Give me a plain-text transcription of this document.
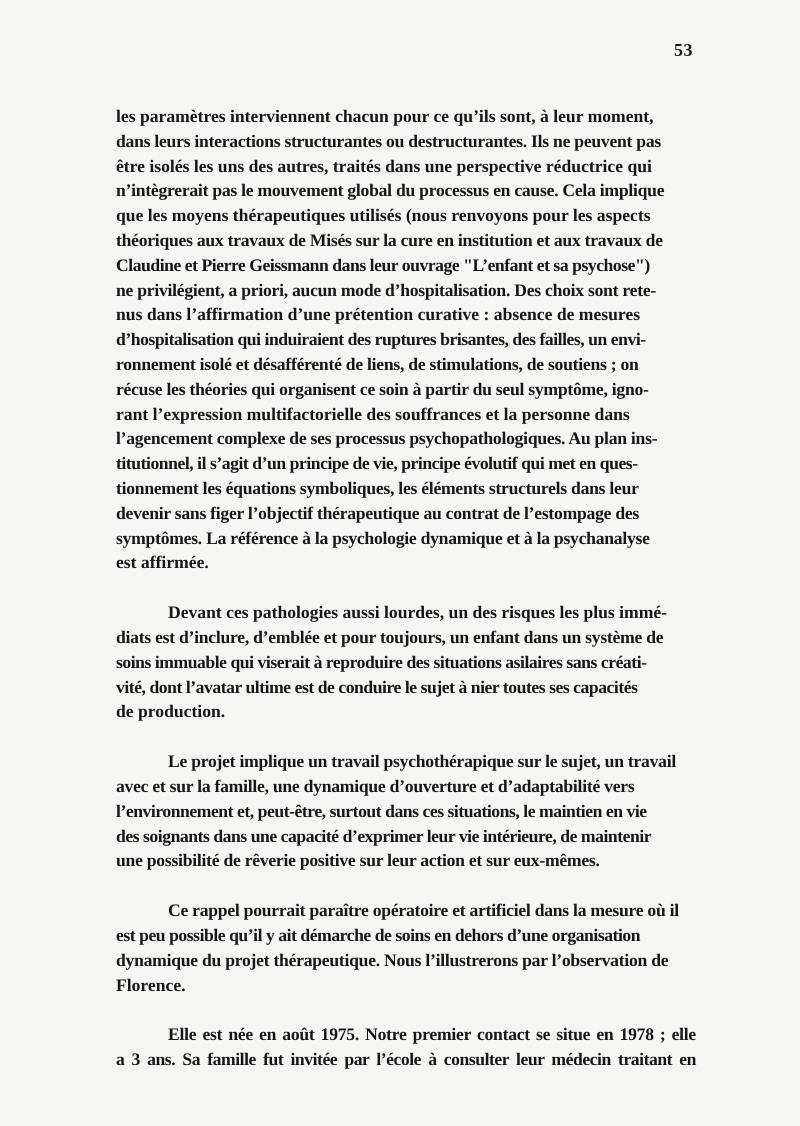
53

les paramètres interviennent chacun pour ce qu’ils sont, à leur moment,
dans leurs interactions structurantes ou destructurantes. Ils ne peuvent pas
être isolés les uns des autres, traités dans une perspective réductrice qui
n’intègrerait pas le mouvement global du processus en cause. Cela implique
que les moyens thérapeutiques utilisés (nous renvoyons pour les aspects
théoriques aux travaux de Misés sur la cure en institution et aux travaux de
Claudine et Pierre Geissmann dans leur ouvrage "L’enfant et sa psychose")
ne privilégient, a priori, aucun mode d’hospitalisation. Des choix sont rete-
nus dans l’affirmation d’une prétention curative : absence de mesures
d’hospitalisation qui induiraient des ruptures brisantes, des failles, un envi-
ronnement isolé et désafférenté de liens, de stimulations, de soutiens ; on
récuse les théories qui organisent ce soin à partir du seul symptôme, igno-
rant l’expression multifactorielle des souffrances et la personne dans
l’agencement complexe de ses processus psychopathologiques. Au plan ins-
titutionnel, il s’agit d’un principe de vie, principe évolutif qui met en ques-
tionnement les équations symboliques, les éléments structurels dans leur
devenir sans figer l’objectif thérapeutique au contrat de l’estompage des
symptômes. La référence à la psychologie dynamique et à la psychanalyse
est affirmée.

Devant ces pathologies aussi lourdes, un des risques les plus immé-
diats est d’inclure, d’emblée et pour toujours, un enfant dans un système de
soins immuable qui viserait à reproduire des situations asilaires sans créati-
vité, dont l’avatar ultime est de conduire le sujet à nier toutes ses capacités
de production.

Le projet implique un travail psychothérapique sur le sujet, un travail
avec et sur la famille, une dynamique d’ouverture et d’adaptabilité vers
l’environnement et, peut-être, surtout dans ces situations, le maintien en vie
des soignants dans une capacité d’exprimer leur vie intérieure, de maintenir
une possibilité de rêverie positive sur leur action et sur eux-mêmes.

Ce rappel pourrait paraître opératoire et artificiel dans la mesure où il
est peu possible qu’il y ait démarche de soins en dehors d’une organisation
dynamique du projet thérapeutique. Nous l’illustrerons par l’observation de
Florence.

Elle est née en août 1975. Notre premier contact se situe en 1978 ; elle
a 3 ans. Sa famille fut invitée par l’école à consulter leur médecin traitant en
